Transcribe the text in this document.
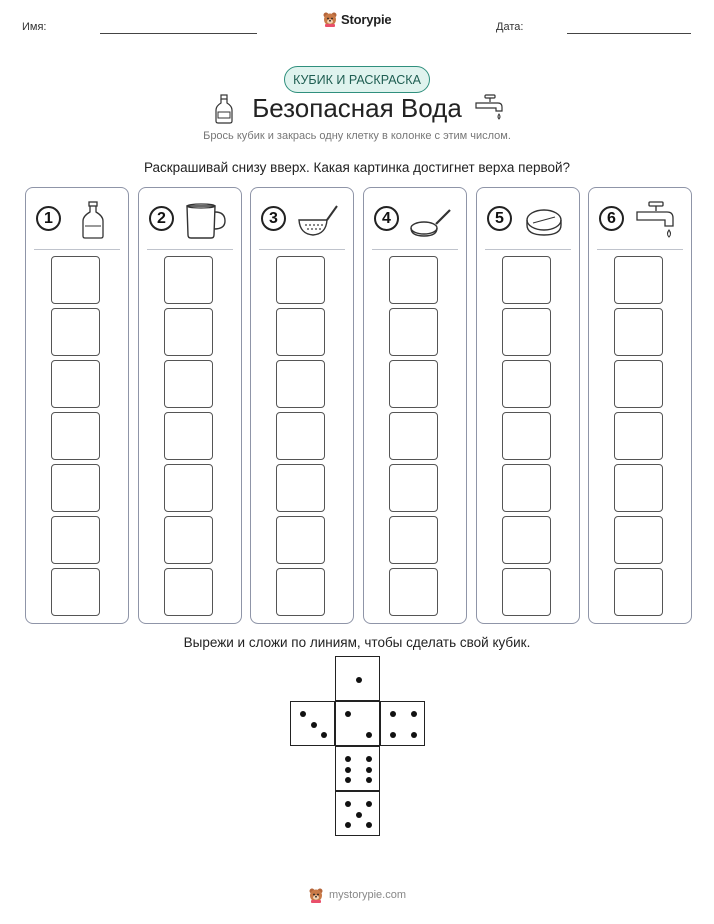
Имя:
Storypie
Дата:
КУБИК И РАСКРАСКА
Безопасная Вода
Брось кубик и закрась одну клетку в колонке с этим числом.
Раскрашивай снизу вверх. Какая картинка достигнет верха первой?
1	2	3	4	5	6
Вырежи и сложи по линиям, чтобы сделать свой кубик.
mystorypie.com
